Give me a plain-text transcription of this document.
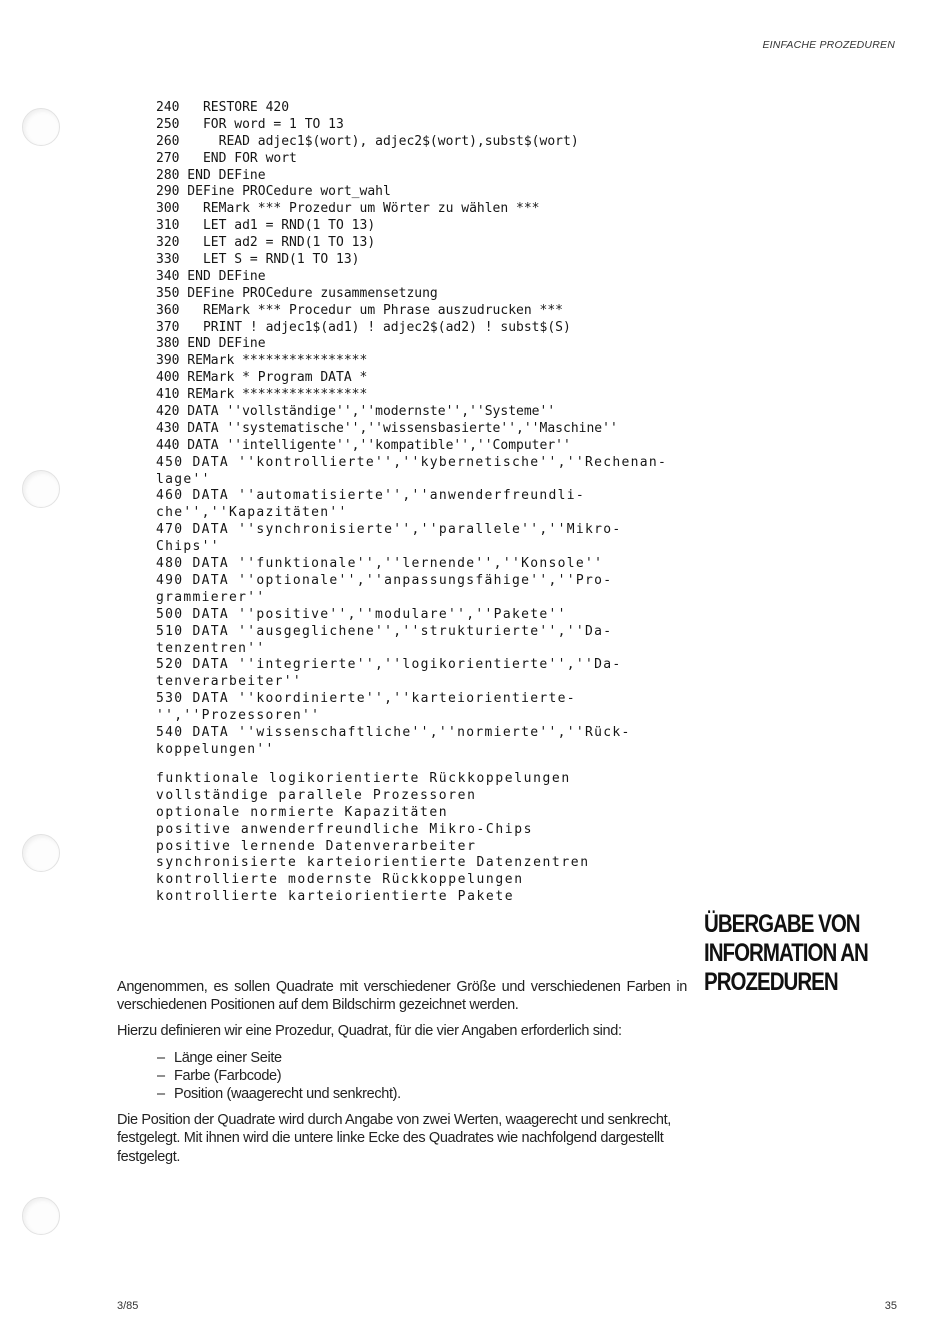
EINFACHE PROZEDUREN
240   RESTORE 420
250   FOR word = 1 TO 13
260     READ adjec1$(wort), adjec2$(wort),subst$(wort)
270   END FOR wort
280 END DEFine
290 DEFine PROCedure wort_wahl
300   REMark *** Prozedur um Wörter zu wählen ***
310   LET ad1 = RND(1 TO 13)
320   LET ad2 = RND(1 TO 13)
330   LET S = RND(1 TO 13)
340 END DEFine
350 DEFine PROCedure zusammensetzung
360   REMark *** Procedur um Phrase auszudrucken ***
370   PRINT ! adjec1$(ad1) ! adjec2$(ad2) ! subst$(S)
380 END DEFine
390 REMark ****************
400 REMark * Program DATA *
410 REMark ****************
420 DATA ''vollständige'',''modernste'',''Systeme''
430 DATA ''systematische'',''wissensbasierte'',''Maschine''
440 DATA ''intelligente'',''kompatible'',''Computer''
450 DATA ''kontrollierte'',''kybernetische'',''Rechenan-
lage''
460 DATA ''automatisierte'',''anwenderfreundli-
che'',''Kapazitäten''
470 DATA ''synchronisierte'',''parallele'',''Mikro-
Chips''
480 DATA ''funktionale'',''lernende'',''Konsole''
490 DATA ''optionale'',''anpassungsfähige'',''Pro-
grammierer''
500 DATA ''positive'',''modulare'',''Pakete''
510 DATA ''ausgeglichene'',''strukturierte'',''Da-
tenzentren''
520 DATA ''integrierte'',''logikorientierte'',''Da-
tenverarbeiter''
530 DATA ''koordinierte'',''karteiorientierte-
'',''Prozessoren''
540 DATA ''wissenschaftliche'',''normierte'',''Rück-
koppelungen''
funktionale logikorientierte Rückkoppelungen
vollständige parallele Prozessoren
optionale normierte Kapazitäten
positive anwenderfreundliche Mikro-Chips
positive lernende Datenverarbeiter
synchronisierte karteiorientierte Datenzentren
kontrollierte modernste Rückkoppelungen
kontrollierte karteiorientierte Pakete
ÜBERGABE VON
INFORMATION AN
PROZEDUREN

Angenommen, es sollen Quadrate mit verschiedener Größe und verschiedenen Farben in verschiedenen Positionen auf dem Bildschirm gezeichnet werden.

Hierzu definieren wir eine Prozedur, Quadrat, für die vier Angaben erforderlich sind:

– Länge einer Seite
– Farbe (Farbcode)
– Position (waagerecht und senkrecht).

Die Position der Quadrate wird durch Angabe von zwei Werten, waagerecht und senkrecht, festgelegt. Mit ihnen wird die untere linke Ecke des Quadrates wie nachfolgend dargestellt festgelegt.

3/85	35
